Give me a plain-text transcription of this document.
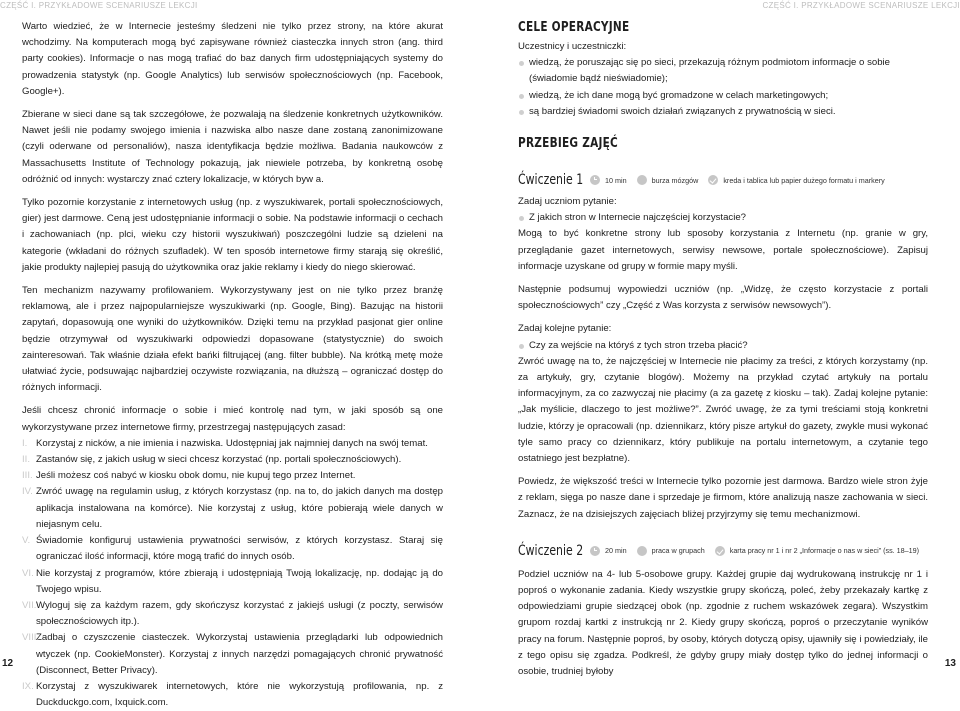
CZĘŚĆ I. PRZYKŁADOWE SCENARIUSZE LEKCJI

Warto wiedzieć, że w Internecie jesteśmy śledzeni nie tylko przez strony, na które akurat wchodzimy. Na komputerach mogą być zapisywane również ciasteczka innych stron (ang. third party cookies). Informacje o nas mogą trafiać do baz danych firm udostępniających systemy do prowadzenia statystyk (np. Google Analytics) lub serwisów społecznościowych (np. Facebook, Google+).

Zbierane w sieci dane są tak szczegółowe, że pozwalają na śledzenie konkretnych użytkowników. Nawet jeśli nie podamy swojego imienia i nazwiska albo nasze dane zostaną zanonimizowane (czyli oderwane od personaliów), nasza identyfikacja będzie możliwa. Badania naukowców z Massachusetts Institute of Technology pokazują, jak niewiele potrzeba, by konkretną osobę odróżnić od innych: wystarczy znać cztery lokalizacje, w których byw a.

Tylko pozornie korzystanie z internetowych usług (np. z wyszukiwarek, portali społecznościowych, gier) jest darmowe. Ceną jest udostępnianie informacji o sobie. Na podstawie informacji o cechach i zachowaniach (np. plci, wieku czy historii wyszukiwań) poszczególni ludzie są dzieleni na kategorie (wkładani do różnych szufladek). W ten sposób internetowe firmy starają się określić, jakie produkty najlepiej pasują do użytkownika oraz jakie reklamy i kiedy do niego skierować.

Ten mechanizm nazywamy profilowaniem. Wykorzystywany jest on nie tylko przez branżę reklamową, ale i przez najpopularniejsze wyszukiwarki (np. Google, Bing). Bazując na historii zapytań, dopasowują one wyniki do użytkowników. Dzięki temu na przykład pasjonat gier online będzie otrzymywał od wyszukiwarki odpowiedzi dopasowane (statystycznie) do swoich zainteresowań. Tak właśnie działa efekt bańki filtrującej (ang. filter bubble). Na krótką metę może ułatwiać życie, podsuwając najbardziej oczywiste rozwiązania, na dłuższą – ograniczać dostęp do różnych informacji.

Jeśli chcesz chronić informacje o sobie i mieć kontrolę nad tym, w jaki sposób są one wykorzystywane przez internetowe firmy, przestrzegaj następujących zasad:

I. Korzystaj z nicków, a nie imienia i nazwiska. Udostępniaj jak najmniej danych na swój temat.
II. Zastanów się, z jakich usług w sieci chcesz korzystać (np. portali społecznościowych).
III. Jeśli możesz coś nabyć w kiosku obok domu, nie kupuj tego przez Internet.
IV. Zwróć uwagę na regulamin usług, z których korzystasz (np. na to, do jakich danych ma dostęp aplikacja instalowana na komórce). Nie korzystaj z usług, które pobierają wiele danych w niejasnym celu.
V. Świadomie konfiguruj ustawienia prywatności serwisów, z których korzystasz. Staraj się ograniczać ilość informacji, które mogą trafić do innych osób.
VI. Nie korzystaj z programów, które zbierają i udostępniają Twoją lokalizację, np. dodając ją do Twojego wpisu.
VII. Wyloguj się za każdym razem, gdy skończysz korzystać z jakiejś usługi (z poczty, serwisów społecznościowych itp.).
VIII.
Zadbaj o czyszczenie ciasteczek. Wykorzystaj ustawienia przeglądarki lub odpowiednich wtyczek (np. CookieMonster). Korzystaj z innych narzędzi pomagających chronić prywatność (Disconnect, Better Privacy).
IX. Korzystaj z wyszukiwarek internetowych, które nie wykorzystują profilowania, np. z Duckduckgo.com, Ixquick.com.
12
CZĘŚĆ I. PRZYKŁADOWE SCENARIUSZE LEKCJI
CELE OPERACYJNE

Uczestnicy i uczestniczki:

wiedzą, że poruszając się po sieci, przekazują różnym podmiotom informacje o sobie (świadomie bądź nieświadomie);
wiedzą, że ich dane mogą być gromadzone w celach marketingowych;
są bardziej świadomi swoich działań związanych z prywatnością w sieci.
PRZEBIEG ZAJĘĆ
Ćwiczenie 1	10 min	burza mózgów	kreda i tablica lub papier dużego formatu i markery

Zadaj uczniom pytanie:

Z jakich stron w Internecie najczęściej korzystacie?

Mogą to być konkretne strony lub sposoby korzystania z Internetu (np. granie w gry, przeglądanie gazet internetowych, serwisy newsowe, portale społecznościowe). Zapisuj informacje uzyskane od grupy w formie mapy myśli.

Następnie podsumuj wypowiedzi uczniów (np. „Widzę, że często korzystacie z portali społecznościowych” czy „Część z Was korzysta z serwisów newsowych”).

Zadaj kolejne pytanie:

Czy za wejście na któryś z tych stron trzeba płacić?

Zwróć uwagę na to, że najczęściej w Internecie nie płacimy za treści, z których korzystamy (np. za artykuły, gry, czytanie blogów). Możemy na przykład czytać artykuły na portalu informacyjnym, za co zazwyczaj nie płacimy (a za gazetę z kiosku – tak). Zadaj kolejne pytanie: „Jak myślicie, dlaczego to jest możliwe?”. Zwróć uwagę, że za tymi treściami stoją konkretni ludzie, którzy je opracowali (np. dziennikarz, który pisze artykuł do gazety, zwykle musi wykonać tyle samo pracy co dziennikarz, który publikuje na portalu internetowym, a czytanie tego ostatniego jest bezpłatne).

Powiedz, że większość treści w Internecie tylko pozornie jest darmowa. Bardzo wiele stron żyje z reklam, sięga po nasze dane i sprzedaje je firmom, które analizują nasze zachowania w sieci. Zaznacz, że na dzisiejszych zajęciach bliżej przyjrzymy się temu mechanizmowi.

Ćwiczenie 2	20 min	praca w grupach	karta pracy nr 1 i nr 2 „Informacje o nas w sieci” (ss. 18–19)

Podziel uczniów na 4- lub 5-osobowe grupy. Każdej grupie daj wydrukowaną instrukcję nr 1 i poproś o wykonanie zadania. Kiedy wszystkie grupy skończą, poleć, żeby przekazały kartkę z odpowiedziami grupie siedzącej obok (np. zgodnie z ruchem wskazówek zegara). Wszystkim grupom rozdaj kartki z instrukcją nr 2. Kiedy grupy skończą, poproś o przeczytanie wyników pracy na forum. Następnie poproś, by osoby, których dotyczą opisy, ujawniły się i powiedziały, ile z tego opisu się zgadza. Podkreśl, że gdyby grupy miały dostęp tylko do jednej informacji o osobie, trudniej byłoby

13
